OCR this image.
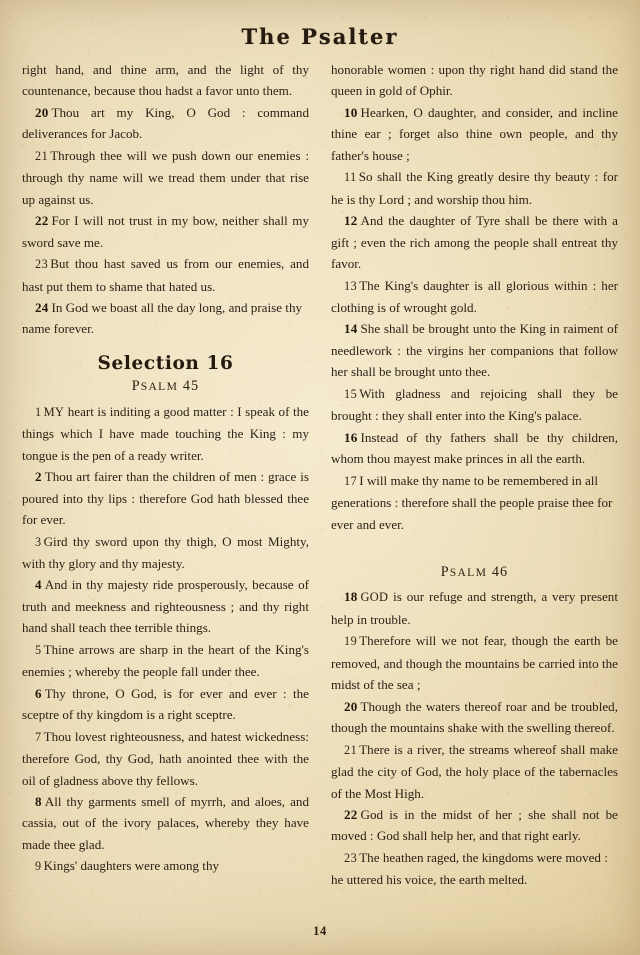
The Psalter

right hand, and thine arm, and the light of thy countenance, because thou hadst a favor unto them.

20 Thou art my King, O God : command deliverances for Jacob.

21 Through thee will we push down our enemies : through thy name will we tread them under that rise up against us.

22 For I will not trust in my bow, neither shall my sword save me.

23 But thou hast saved us from our enemies, and hast put them to shame that hated us.

24 In God we boast all the day long, and praise thy name forever.

Selection 16

PSALM 45

1 MY heart is inditing a good matter : I speak of the things which I have made touching the King : my tongue is the pen of a ready writer.

2 Thou art fairer than the children of men : grace is poured into thy lips : therefore God hath blessed thee for ever.

3 Gird thy sword upon thy thigh, O most Mighty, with thy glory and thy majesty.

4 And in thy majesty ride prosperously, because of truth and meekness and righteousness ; and thy right hand shall teach thee terrible things.

5 Thine arrows are sharp in the heart of the King's enemies ; whereby the people fall under thee.

6 Thy throne, O God, is for ever and ever : the sceptre of thy kingdom is a right sceptre.

7 Thou lovest righteousness, and hatest wickedness: therefore God, thy God, hath anointed thee with the oil of gladness above thy fellows.

8 All thy garments smell of myrrh, and aloes, and cassia, out of the ivory palaces, whereby they have made thee glad.

9 Kings' daughters were among thy

honorable women : upon thy right hand did stand the queen in gold of Ophir.

10 Hearken, O daughter, and consider, and incline thine ear ; forget also thine own people, and thy father's house ;

11 So shall the King greatly desire thy beauty : for he is thy Lord ; and worship thou him.

12 And the daughter of Tyre shall be there with a gift ; even the rich among the people shall entreat thy favor.

13 The King's daughter is all glorious within : her clothing is of wrought gold.

14 She shall be brought unto the King in raiment of needlework : the virgins her companions that follow her shall be brought unto thee.

15 With gladness and rejoicing shall they be brought : they shall enter into the King's palace.

16 Instead of thy fathers shall be thy children, whom thou mayest make princes in all the earth.

17 I will make thy name to be remembered in all generations : therefore shall the people praise thee for ever and ever.

PSALM 46

18 GOD is our refuge and strength, a very present help in trouble.

19 Therefore will we not fear, though the earth be removed, and though the mountains be carried into the midst of the sea ;

20 Though the waters thereof roar and be troubled, though the mountains shake with the swelling thereof.

21 There is a river, the streams whereof shall make glad the city of God, the holy place of the tabernacles of the Most High.

22 God is in the midst of her ; she shall not be moved : God shall help her, and that right early.

23 The heathen raged, the kingdoms were moved : he uttered his voice, the earth melted.

14
